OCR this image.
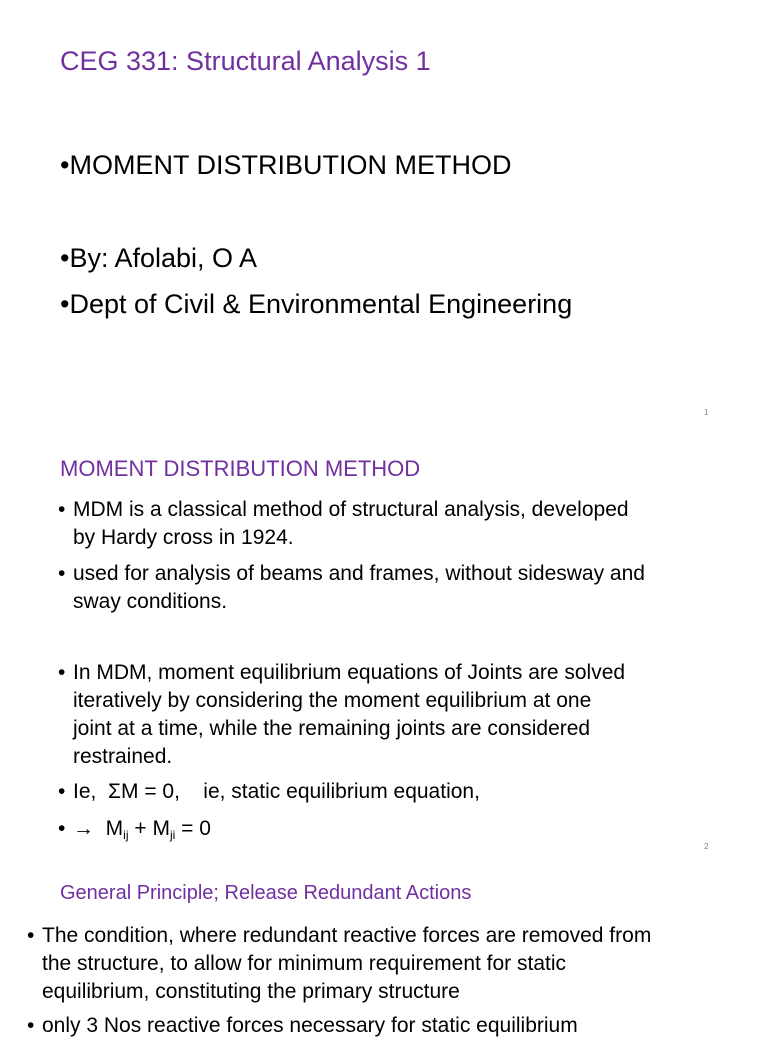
CEG 331: Structural Analysis 1
•MOMENT DISTRIBUTION METHOD
•By: Afolabi, O A
•Dept of Civil & Environmental Engineering
1
MOMENT DISTRIBUTION METHOD
• MDM is a classical method of structural analysis, developed
by Hardy cross in 1924.
• used for analysis of beams and frames, without sidesway and
sway conditions.
• In MDM, moment equilibrium equations of Joints are solved
iteratively by considering the moment equilibrium at one
joint at a time, while the remaining joints are considered
restrained.
• Ie,  ΣM = 0,    ie, static equilibrium equation,
• → $M_{ij} + M_{ji} = 0$
2
General Principle; Release Redundant Actions
• The condition, where redundant reactive forces are removed from
the structure, to allow for minimum requirement for static
equilibrium, constituting the primary structure
• only 3 Nos reactive forces necessary for static equilibrium
